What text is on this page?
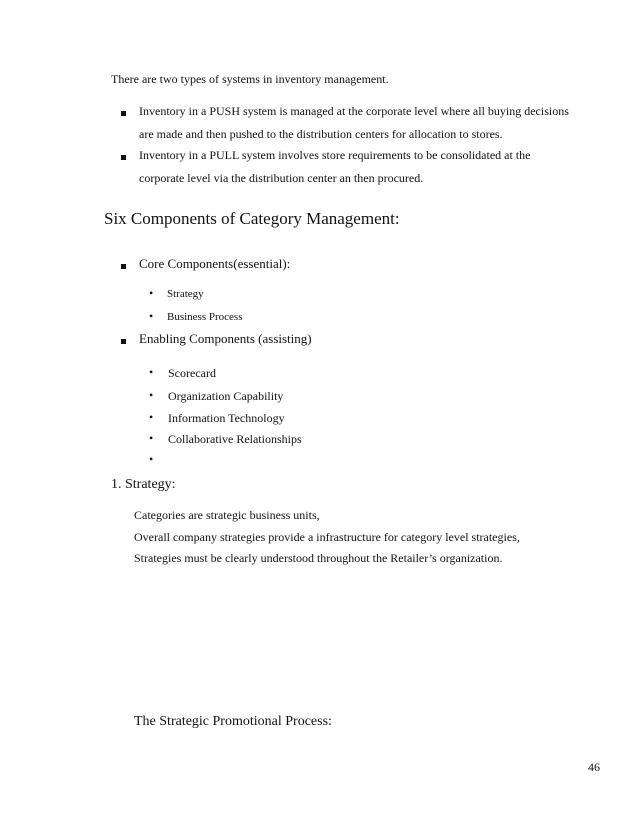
There are two types of systems in inventory management.
Inventory in a PUSH system is managed at the corporate level where all buying decisions
are made and then pushed to the distribution centers for allocation to stores.
Inventory in a PULL system involves store requirements to be consolidated at the
corporate level via the distribution center an then procured.
Six Components of Category Management:
Core Components(essential):
• Strategy
• Business Process
Enabling Components (assisting)
• Scorecard
• Organization Capability
• Information Technology
• Collaborative Relationships
•
1. Strategy:
Categories are strategic business units,
Overall company strategies provide a infrastructure for category level strategies,
Strategies must be clearly understood throughout the Retailer’s organization.
The Strategic Promotional Process:
46
